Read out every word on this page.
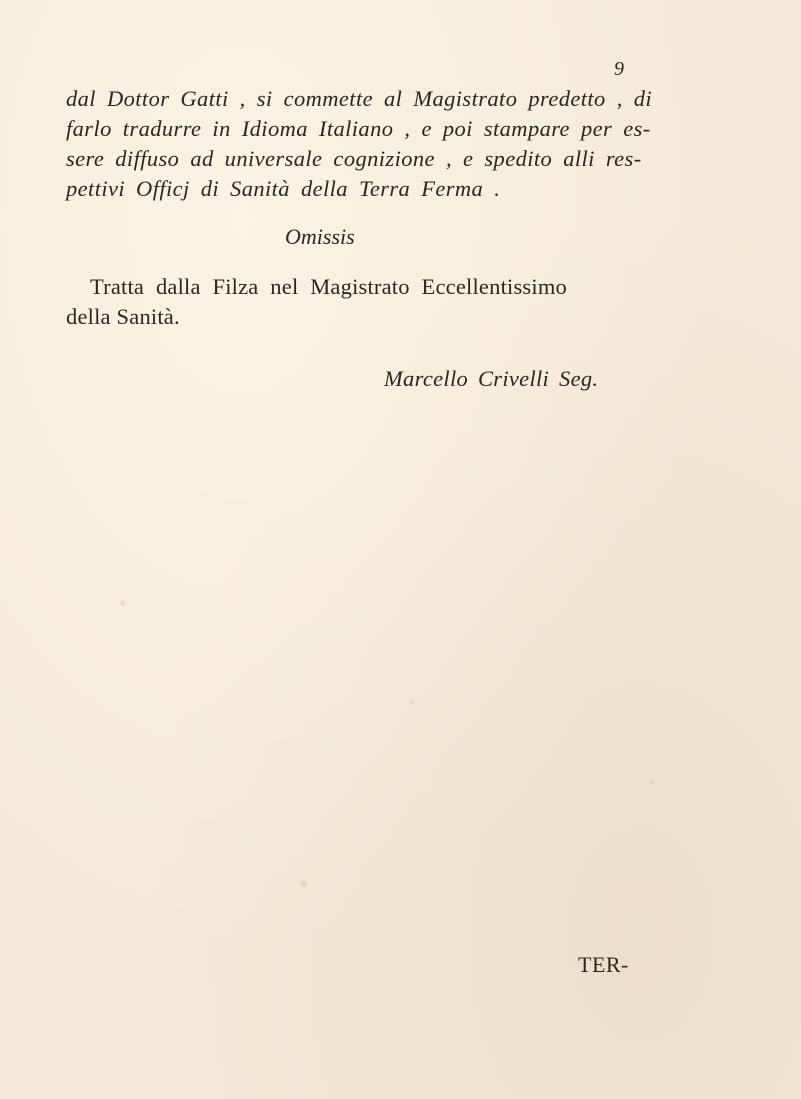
9
dal Dottor Gatti , si commette al Magistrato predetto , di
farlo tradurre in Idioma Italiano , e poi stampare per es-
sere diffuso ad universale cognizione , e spedito alli res-
pettivi Officj di Sanità della Terra Ferma .
Omissis
Tratta dalla Filza nel Magistrato Eccellentissimo
della Sanità.
Marcello Crivelli Seg.
TER-
